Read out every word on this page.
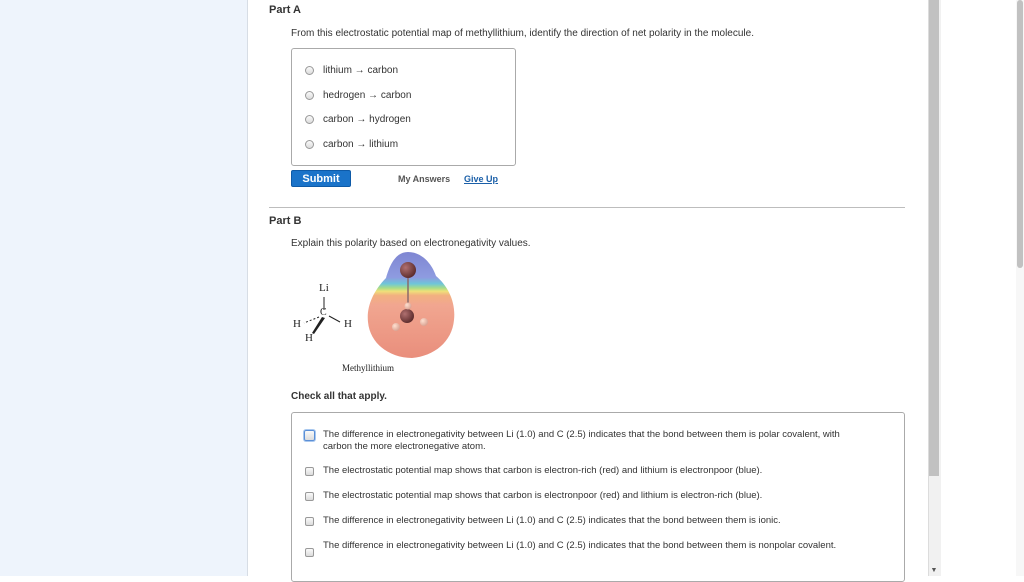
Part A
From this electrostatic potential map of methyllithium, identify the direction of net polarity in the molecule.
lithium → carbon
hedrogen → carbon
carbon → hydrogen
carbon → lithium
Submit	My Answers Give Up
Part B
Explain this polarity based on electronegativity values.
Li
C
H	H
H
Methyllithium
Check all that apply.
The difference in electronegativity between Li (1.0) and C (2.5) indicates that the bond between them is polar covalent, with carbon the more electronegative atom.
The electrostatic potential map shows that carbon is electron-rich (red) and lithium is electronpoor (blue).
The electrostatic potential map shows that carbon is electronpoor (red) and lithium is electron-rich (blue).
The difference in electronegativity between Li (1.0) and C (2.5) indicates that the bond between them is ionic.
The difference in electronegativity between Li (1.0) and C (2.5) indicates that the bond between them is nonpolar covalent.
▼
